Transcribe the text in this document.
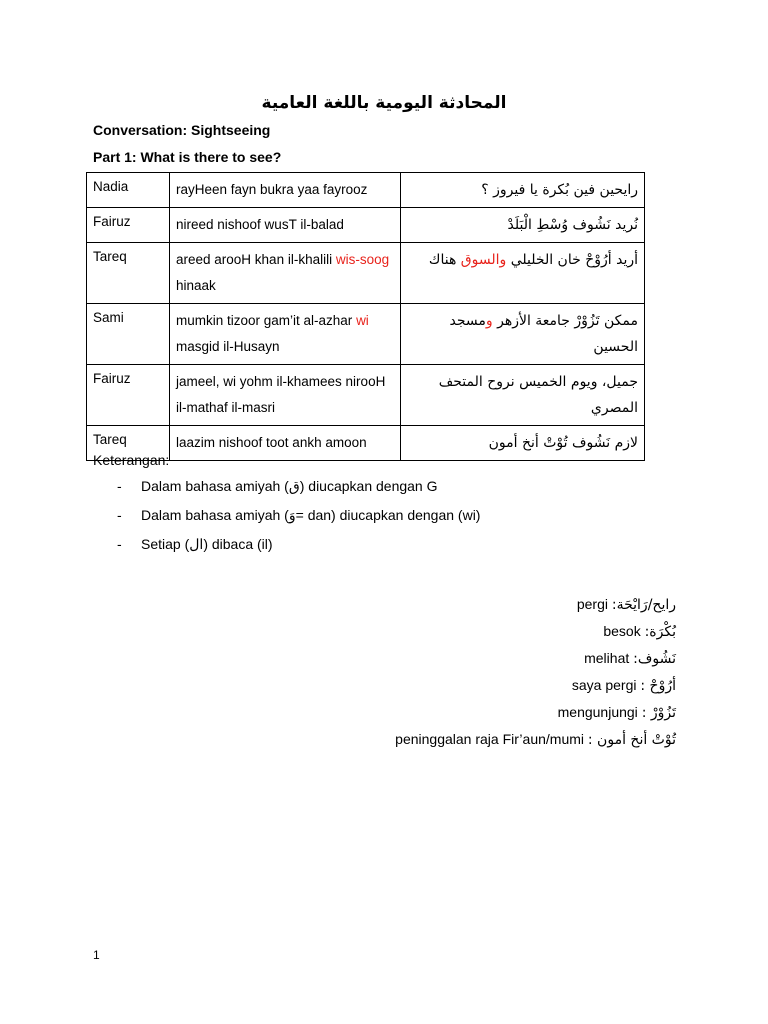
المحادثة اليومية باللغة العامية
Conversation: Sightseeing
Part 1: What is there to see?
Nadia	rayHeen fayn bukra yaa fayrooz	رايحين فين بُكرة يا فيروز ؟
Fairuz	nireed nishoof wusT il-balad	نُريد نَشُوف وُسْطِ الْبَلَدْ
Tareq	areed arooH khan il-khalili wis-soog hinaak	أريد أرُوْحْ خان الخليلي والسوق هناك
Sami	mumkin tizoor gam’it al-azhar wi masgid il-Husayn	ممكن تَزُوْرْ جامعة الأزهر ومسجد الحسين
Fairuz	jameel, wi yohm il-khamees nirooH il-mathaf il-masri	جميل، ويوم الخميس نروح المتحف المصري
Tareq	laazim nishoof toot ankh amoon	لازم نَشُوف تُوْتْ أنخ أمون
Keterangan:
- Dalam bahasa amiyah (ق) diucapkan dengan G
- Dalam bahasa amiyah (وَ= dan) diucapkan dengan (wi)
- Setiap (ال) dibaca (il)
pergi رايح/رَايْحَة:
besok بُكْرَة:
melihat نَشُوف:
saya pergi أرُوْحْ :
mengunjungi تَزُوْرْ :
peninggalan raja Fir’aun/mumi تُوْتْ أنخ أمون :
1
